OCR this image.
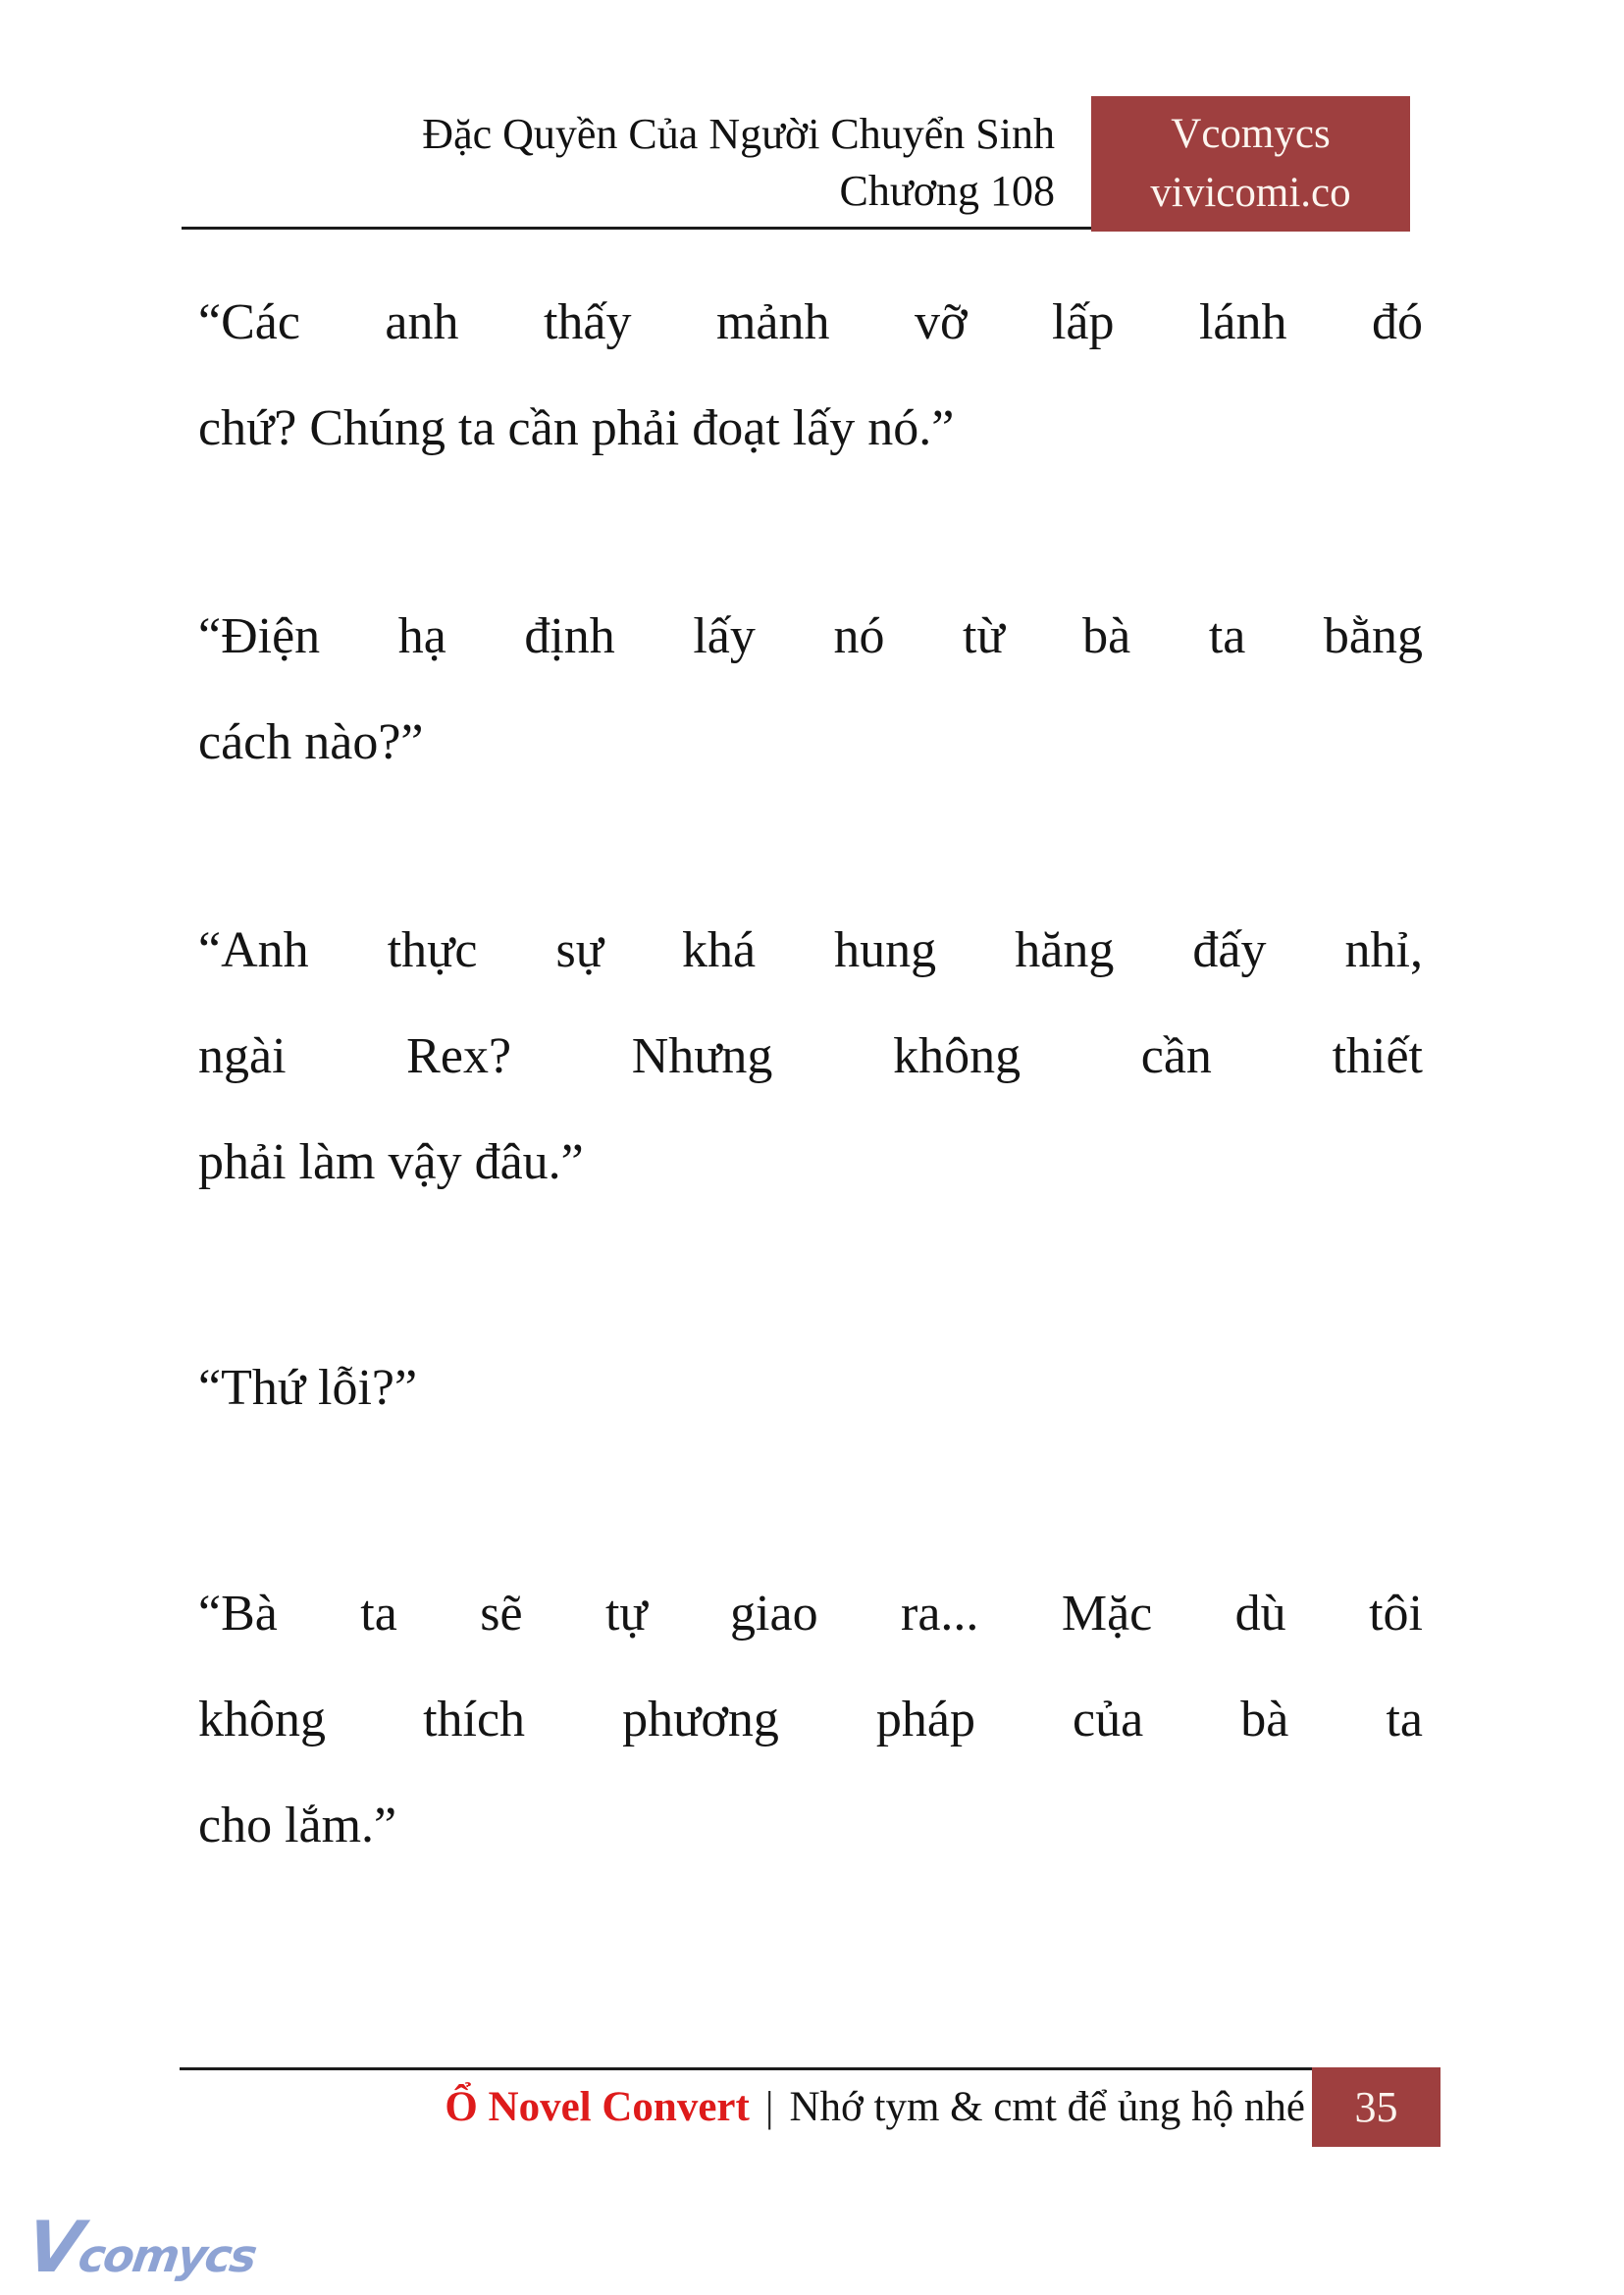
Đặc Quyền Của Người Chuyển Sinh
Chương 108
Vcomycs
vivicomi.co
“Các anh thấy mảnh vỡ lấp lánh đó
chứ? Chúng ta cần phải đoạt lấy nó.”
“Điện hạ định lấy nó từ bà ta bằng
cách nào?”
“Anh thực sự khá hung hăng đấy nhỉ,
ngài Rex? Nhưng không cần thiết
phải làm vậy đâu.”
“Thứ lỗi?”
“Bà ta sẽ tự giao ra... Mặc dù tôi
không thích phương pháp của bà ta
cho lắm.”
Ổ Novel Convert | Nhớ tym & cmt để ủng hộ nhé	35
Vcomycs
